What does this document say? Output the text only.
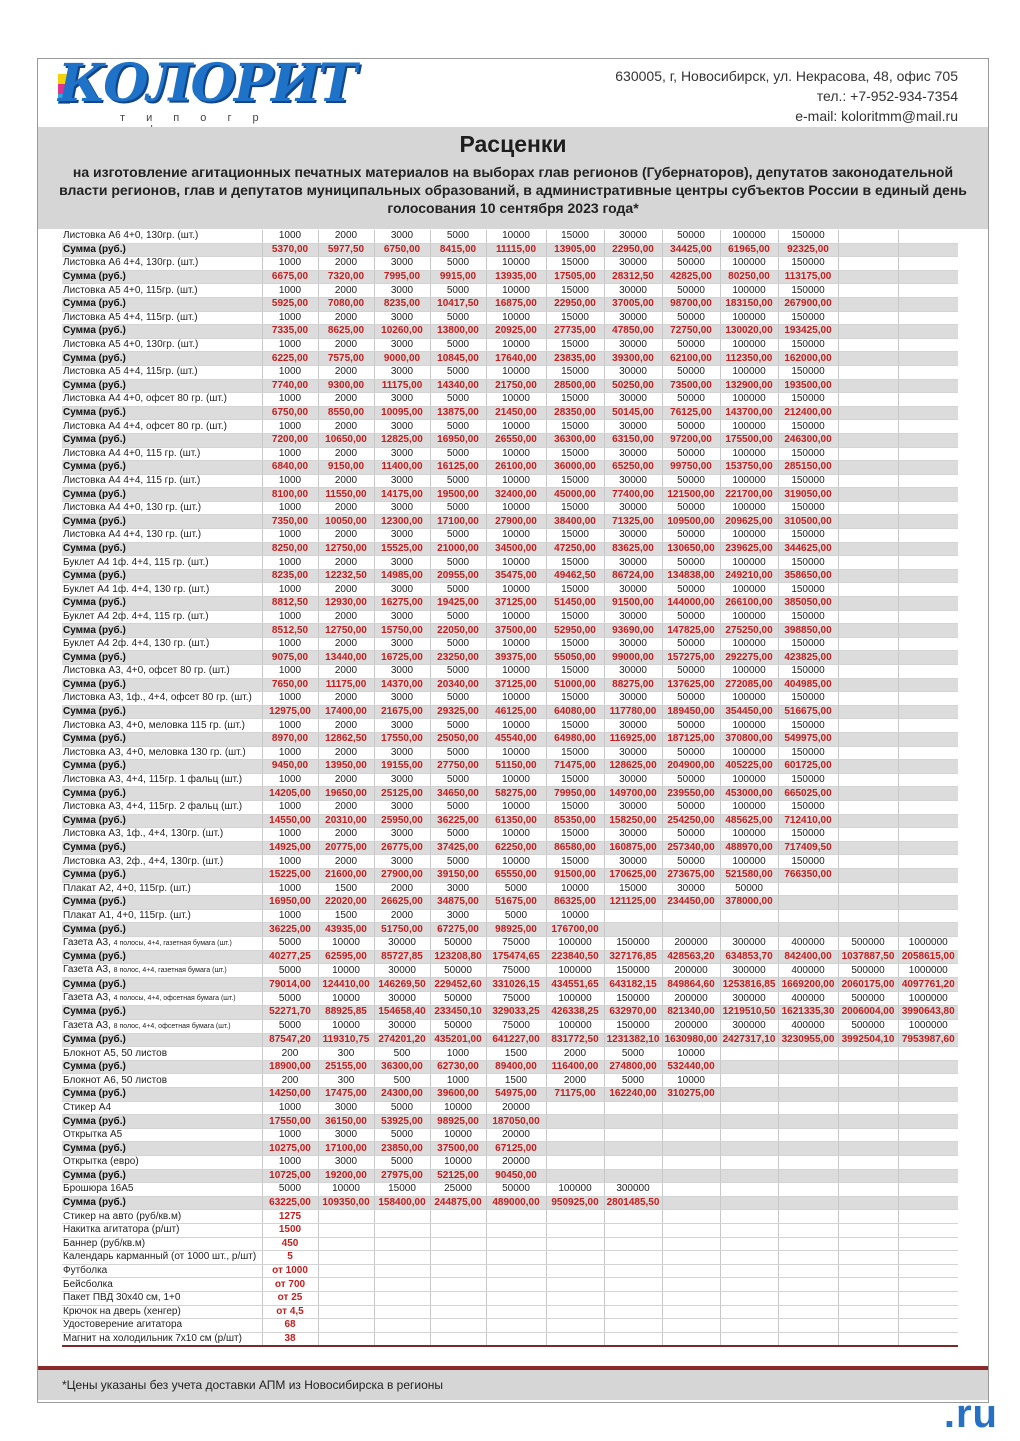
КОЛОРИТ
т и п о г р
630005, г, Новосибирск, ул. Некрасова, 48, офис 705
тел.: +7-952-934-7354
e-mail: koloritmm@mail.ru
Расценки
на изготовление агитационных печатных материалов на выборах глав регионов (Губернаторов), депутатов законодательной власти регионов, глав и депутатов муниципальных образований, в административные центры субъектов России в единый день голосования 10 сентября 2023 года*
Листовка А6 4+0, 130гр. (шт.)	1000	2000	3000	5000	10000	15000	30000	50000	100000	150000		
Сумма (руб.)	5370,00	5977,50	6750,00	8415,00	11115,00	13905,00	22950,00	34425,00	61965,00	92325,00		
Листовка А6 4+4, 130гр. (шт.)	1000	2000	3000	5000	10000	15000	30000	50000	100000	150000		
Сумма (руб.)	6675,00	7320,00	7995,00	9915,00	13935,00	17505,00	28312,50	42825,00	80250,00	113175,00		
Листовка А5 4+0, 115гр. (шт.)	1000	2000	3000	5000	10000	15000	30000	50000	100000	150000		
Сумма (руб.)	5925,00	7080,00	8235,00	10417,50	16875,00	22950,00	37005,00	98700,00	183150,00	267900,00		
Листовка А5 4+4, 115гр. (шт.)	1000	2000	3000	5000	10000	15000	30000	50000	100000	150000		
Сумма (руб.)	7335,00	8625,00	10260,00	13800,00	20925,00	27735,00	47850,00	72750,00	130020,00	193425,00		
Листовка А5 4+0, 130гр. (шт.)	1000	2000	3000	5000	10000	15000	30000	50000	100000	150000		
Сумма (руб.)	6225,00	7575,00	9000,00	10845,00	17640,00	23835,00	39300,00	62100,00	112350,00	162000,00		
Листовка А5 4+4, 115гр. (шт.)	1000	2000	3000	5000	10000	15000	30000	50000	100000	150000		
Сумма (руб.)	7740,00	9300,00	11175,00	14340,00	21750,00	28500,00	50250,00	73500,00	132900,00	193500,00		
Листовка А4 4+0, офсет 80 гр. (шт.)	1000	2000	3000	5000	10000	15000	30000	50000	100000	150000		
Сумма (руб.)	6750,00	8550,00	10095,00	13875,00	21450,00	28350,00	50145,00	76125,00	143700,00	212400,00		
Листовка А4 4+4, офсет 80 гр. (шт.)	1000	2000	3000	5000	10000	15000	30000	50000	100000	150000		
Сумма (руб.)	7200,00	10650,00	12825,00	16950,00	26550,00	36300,00	63150,00	97200,00	175500,00	246300,00		
Листовка А4 4+0, 115 гр. (шт.)	1000	2000	3000	5000	10000	15000	30000	50000	100000	150000		
Сумма (руб.)	6840,00	9150,00	11400,00	16125,00	26100,00	36000,00	65250,00	99750,00	153750,00	285150,00		
Листовка А4 4+4, 115 гр. (шт.)	1000	2000	3000	5000	10000	15000	30000	50000	100000	150000		
Сумма (руб.)	8100,00	11550,00	14175,00	19500,00	32400,00	45000,00	77400,00	121500,00	221700,00	319050,00		
Листовка А4 4+0, 130 гр. (шт.)	1000	2000	3000	5000	10000	15000	30000	50000	100000	150000		
Сумма (руб.)	7350,00	10050,00	12300,00	17100,00	27900,00	38400,00	71325,00	109500,00	209625,00	310500,00		
Листовка А4 4+4, 130 гр. (шт.)	1000	2000	3000	5000	10000	15000	30000	50000	100000	150000		
Сумма (руб.)	8250,00	12750,00	15525,00	21000,00	34500,00	47250,00	83625,00	130650,00	239625,00	344625,00		
Буклет А4 1ф. 4+4, 115 гр. (шт.)	1000	2000	3000	5000	10000	15000	30000	50000	100000	150000		
Сумма (руб.)	8235,00	12232,50	14985,00	20955,00	35475,00	49462,50	86724,00	134838,00	249210,00	358650,00		
Буклет А4 1ф. 4+4, 130 гр. (шт.)	1000	2000	3000	5000	10000	15000	30000	50000	100000	150000		
Сумма (руб.)	8812,50	12930,00	16275,00	19425,00	37125,00	51450,00	91500,00	144000,00	266100,00	385050,00		
Буклет А4 2ф. 4+4, 115 гр. (шт.)	1000	2000	3000	5000	10000	15000	30000	50000	100000	150000		
Сумма (руб.)	8512,50	12750,00	15750,00	22050,00	37500,00	52950,00	93690,00	147825,00	275250,00	398850,00		
Буклет А4 2ф. 4+4, 130 гр. (шт.)	1000	2000	3000	5000	10000	15000	30000	50000	100000	150000		
Сумма (руб.)	9075,00	13440,00	16725,00	23250,00	39375,00	55050,00	99000,00	157275,00	292275,00	423825,00		
Листовка А3, 4+0, офсет 80 гр. (шт.)	1000	2000	3000	5000	10000	15000	30000	50000	100000	150000		
Сумма (руб.)	7650,00	11175,00	14370,00	20340,00	37125,00	51000,00	88275,00	137625,00	272085,00	404985,00		
Листовка А3, 1ф., 4+4, офсет 80 гр. (шт.)	1000	2000	3000	5000	10000	15000	30000	50000	100000	150000		
Сумма (руб.)	12975,00	17400,00	21675,00	29325,00	46125,00	64080,00	117780,00	189450,00	354450,00	516675,00		
Листовка А3, 4+0, меловка 115 гр. (шт.)	1000	2000	3000	5000	10000	15000	30000	50000	100000	150000		
Сумма (руб.)	8970,00	12862,50	17550,00	25050,00	45540,00	64980,00	116925,00	187125,00	370800,00	549975,00		
Листовка А3, 4+0, меловка 130 гр. (шт.)	1000	2000	3000	5000	10000	15000	30000	50000	100000	150000		
Сумма (руб.)	9450,00	13950,00	19155,00	27750,00	51150,00	71475,00	128625,00	204900,00	405225,00	601725,00		
Листовка А3, 4+4, 115гр. 1 фальц (шт.)	1000	2000	3000	5000	10000	15000	30000	50000	100000	150000		
Сумма (руб.)	14205,00	19650,00	25125,00	34650,00	58275,00	79950,00	149700,00	239550,00	453000,00	665025,00		
Листовка А3, 4+4, 115гр. 2 фальц (шт.)	1000	2000	3000	5000	10000	15000	30000	50000	100000	150000		
Сумма (руб.)	14550,00	20310,00	25950,00	36225,00	61350,00	85350,00	158250,00	254250,00	485625,00	712410,00		
Листовка А3, 1ф., 4+4, 130гр. (шт.)	1000	2000	3000	5000	10000	15000	30000	50000	100000	150000		
Сумма (руб.)	14925,00	20775,00	26775,00	37425,00	62250,00	86580,00	160875,00	257340,00	488970,00	717409,50		
Листовка А3, 2ф., 4+4, 130гр. (шт.)	1000	2000	3000	5000	10000	15000	30000	50000	100000	150000		
Сумма (руб.)	15225,00	21600,00	27900,00	39150,00	65550,00	91500,00	170625,00	273675,00	521580,00	766350,00		
Плакат А2, 4+0, 115гр. (шт.)	1000	1500	2000	3000	5000	10000	15000	30000	50000			
Сумма (руб.)	16950,00	22020,00	26625,00	34875,00	51675,00	86325,00	121125,00	234450,00	378000,00			
Плакат А1, 4+0, 115гр. (шт.)	1000	1500	2000	3000	5000	10000						
Сумма (руб.)	36225,00	43935,00	51750,00	67275,00	98925,00	176700,00						
Газета А3, 4 полосы, 4+4, газетная бумага (шт.)	5000	10000	30000	50000	75000	100000	150000	200000	300000	400000	500000	1000000
Сумма (руб.)	40277,25	62595,00	85727,85	123208,80	175474,65	223840,50	327176,85	428563,20	634853,70	842400,00	1037887,50	2058615,00
Газета А3, 8 полос, 4+4, газетная бумага (шт.)	5000	10000	30000	50000	75000	100000	150000	200000	300000	400000	500000	1000000
Сумма (руб.)	79014,00	124410,00	146269,50	229452,60	331026,15	434551,65	643182,15	849864,60	1253816,85	1669200,00	2060175,00	4097761,20
Газета А3, 4 полосы, 4+4, офсетная бумага (шт.)	5000	10000	30000	50000	75000	100000	150000	200000	300000	400000	500000	1000000
Сумма (руб.)	52271,70	88925,85	154658,40	233450,10	329033,25	426338,25	632970,00	821340,00	1219510,50	1621335,30	2006004,00	3990643,80
Газета А3, 8 полос, 4+4, офсетная бумага (шт.)	5000	10000	30000	50000	75000	100000	150000	200000	300000	400000	500000	1000000
Сумма (руб.)	87547,20	119310,75	274201,20	435201,00	641227,00	831772,50	1231382,10	1630980,00	2427317,10	3230955,00	3992504,10	7953987,60
Блокнот А5, 50 листов	200	300	500	1000	1500	2000	5000	10000				
Сумма (руб.)	18900,00	25155,00	36300,00	62730,00	89400,00	116400,00	274800,00	532440,00				
Блокнот А6, 50 листов	200	300	500	1000	1500	2000	5000	10000				
Сумма (руб.)	14250,00	17475,00	24300,00	39600,00	54975,00	71175,00	162240,00	310275,00				
Стикер А4	1000	3000	5000	10000	20000							
Сумма (руб.)	17550,00	36150,00	53925,00	98925,00	187050,00							
Открытка А5	1000	3000	5000	10000	20000							
Сумма (руб.)	10275,00	17100,00	23850,00	37500,00	67125,00							
Открытка (евро)	1000	3000	5000	10000	20000							
Сумма (руб.)	10725,00	19200,00	27975,00	52125,00	90450,00							
Брошюра 16А5	5000	10000	15000	25000	50000	100000	300000					
Сумма (руб.)	63225,00	109350,00	158400,00	244875,00	489000,00	950925,00	2801485,50					
Стикер на авто (руб/кв.м)	1275											
Накитка агитатора (р/шт)	1500											
Баннер (руб/кв.м)	450											
Календарь карманный (от 1000 шт., р/шт)	5											
Футболка	от 1000											
Бейсболка	от 700											
Пакет ПВД 30х40 см, 1+0	от 25											
Крючок на дверь (хенгер)	от 4,5											
Удостоверение агитатора	68											
Магнит на холодильник 7х10 см (р/шт)	38											
*Цены указаны без учета доставки АПМ из Новосибирска в регионы
ngs.ru
